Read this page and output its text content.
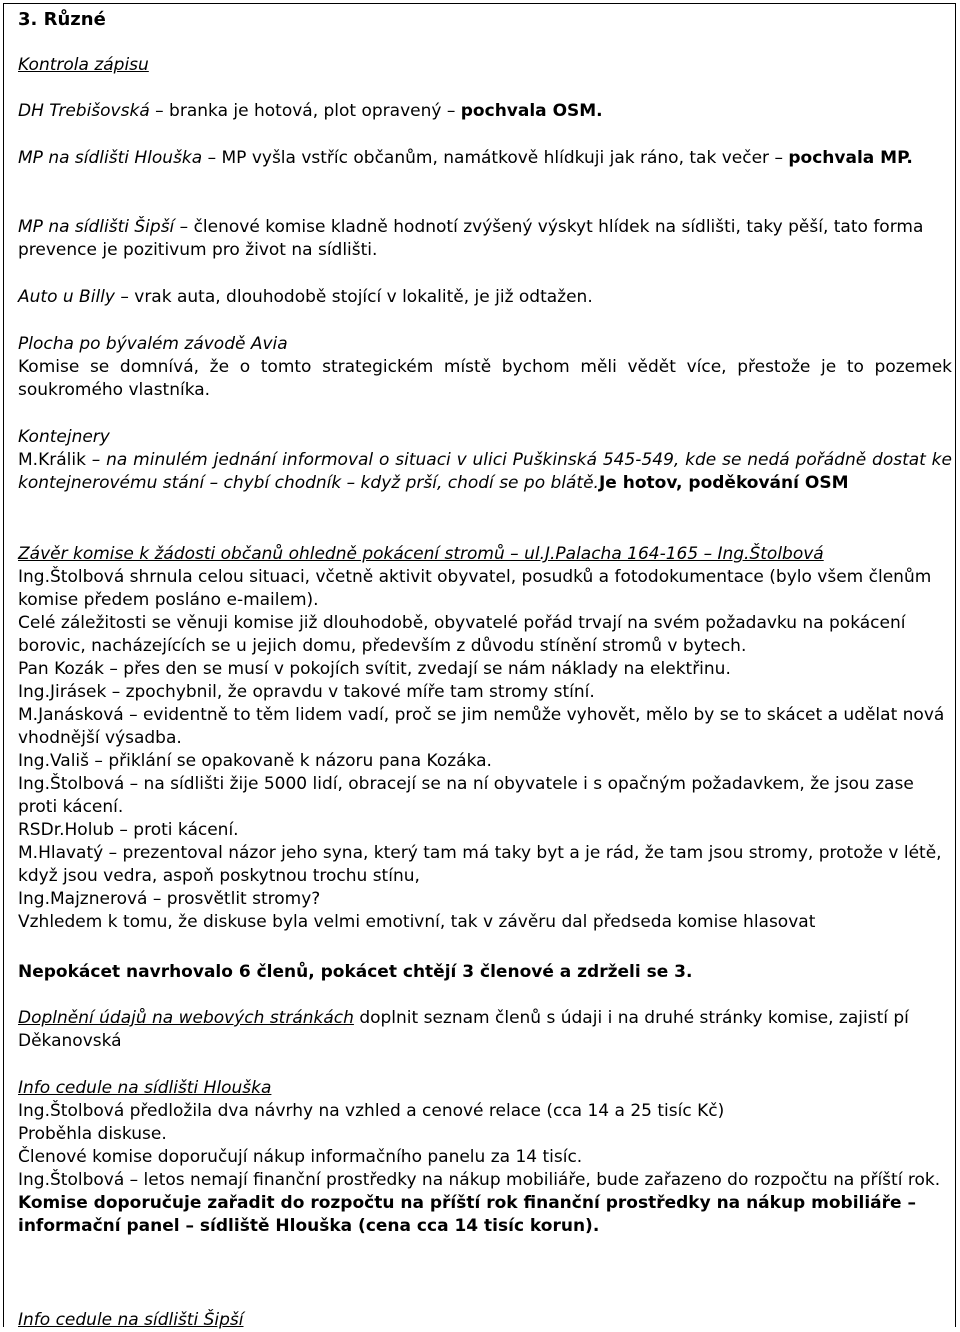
3. Různé
Kontrola zápisu
DH Trebišovská – branka je hotová, plot opravený – pochvala OSM.
MP na sídlišti Hlouška – MP vyšla vstříc občanům, namátkově hlídkuji jak ráno, tak večer – pochvala MP.
MP na sídlišti Šipší – členové komise kladně hodnotí zvýšený výskyt hlídek na sídlišti, taky pěší, tato forma prevence je pozitivum pro život na sídlišti.
Auto u Billy – vrak auta, dlouhodobě stojící v lokalitě, je již odtažen.
Plocha po bývalém závodě Avia
Komise se domnívá, že o tomto strategickém místě bychom měli vědět více, přestože je to pozemek soukromého vlastníka.
Kontejnery
M.Králik – na minulém jednání informoval o situaci v ulici Puškinská 545-549, kde se nedá pořádně dostat ke kontejnerovému stání – chybí chodník – když prší, chodí se po blátě.Je hotov, poděkování OSM
Závěr komise k žádosti občanů ohledně pokácení stromů – ul.J.Palacha 164-165 – Ing.Štolbová
Ing.Štolbová shrnula celou situaci, včetně aktivit obyvatel, posudků a fotodokumentace (bylo všem členům komise předem posláno e-mailem).
Celé záležitosti se věnuji komise již dlouhodobě, obyvatelé pořád trvají na svém požadavku na pokácení borovic, nacházejících se u jejich domu, především z důvodu stínění stromů v bytech.
Pan Kozák – přes den se musí v pokojích svítit, zvedají se nám náklady na elektřinu.
Ing.Jirásek – zpochybnil, že opravdu v takové míře tam stromy stíní.
M.Janásková – evidentně to těm lidem vadí, proč se jim nemůže vyhovět, mělo by se to skácet a udělat nová vhodnější výsadba.
Ing.Vališ – přiklání se opakovaně k názoru pana Kozáka.
Ing.Štolbová – na sídlišti žije 5000 lidí, obracejí se na ní obyvatele i s opačným požadavkem, že jsou zase proti kácení.
RSDr.Holub – proti kácení.
M.Hlavatý – prezentoval názor jeho syna, který tam má taky byt a je rád, že tam jsou stromy, protože v létě, když jsou vedra, aspoň poskytnou trochu stínu,
Ing.Majznerová – prosvětlit stromy?
Vzhledem k tomu, že diskuse byla velmi emotivní, tak v závěru dal předseda komise hlasovat
Nepokácet navrhovalo 6 členů, pokácet chtějí 3 členové a zdrželi se 3.
Doplnění údajů na webových stránkách doplnit seznam členů s údaji i na druhé stránky komise, zajistí pí Děkanovská
Info cedule na sídlišti Hlouška
Ing.Štolbová předložila dva návrhy na vzhled a cenové relace (cca 14 a 25 tisíc Kč)
Proběhla diskuse.
Členové komise doporučují nákup informačního panelu za 14 tisíc.
Ing.Štolbová – letos nemají finanční prostředky na nákup mobiliáře, bude zařazeno do rozpočtu na příští rok.
Komise doporučuje zařadit do rozpočtu na příští rok finanční prostředky na nákup mobiliáře – informační panel – sídliště Hlouška (cena cca 14 tisíc korun).
Info cedule na sídlišti Šipší
